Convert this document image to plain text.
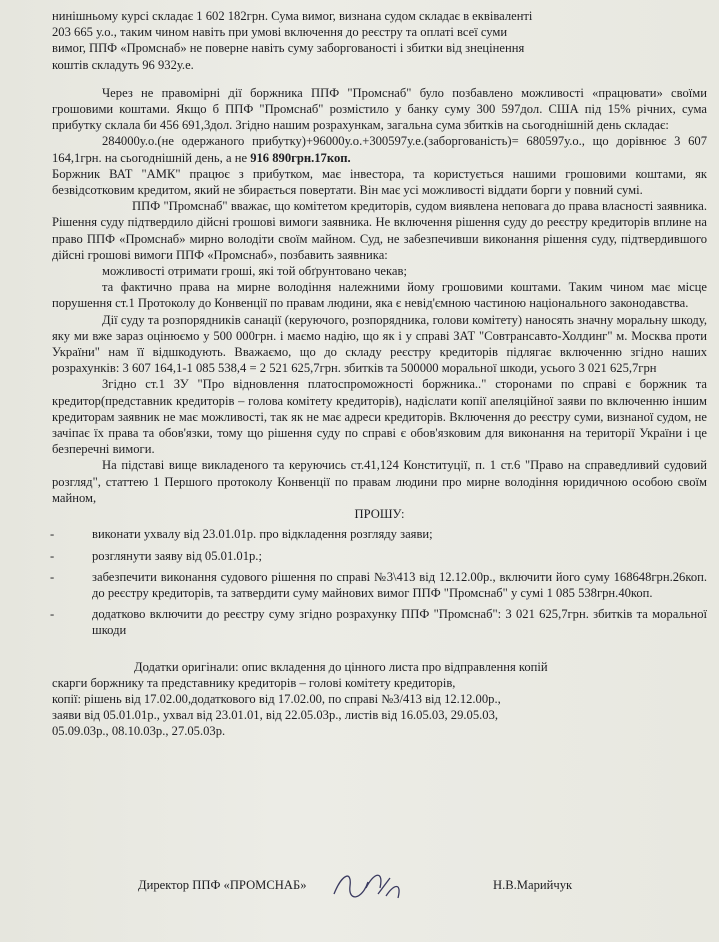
нинішньому курсі складає 1 602 182грн. Сума вимог, визнана судом складає в еквіваленті

203 665 у.о., таким чином навіть при умові включення до реєстру та оплаті всеї суми

вимог, ППФ «Промснаб» не поверне навіть суму заборгованості і збитки від знецінення

коштів складуть 96 932у.е.

Через не правомірні дії боржника ППФ "Промснаб" було позбавлено можливості «працювати» своїми грошовими коштами. Якщо б ППФ "Промснаб" розмістило у банку суму 300 597дол. США під 15% річних, сума прибутку склала би 456 691,3дол. Згідно нашим розрахункам, загальна сума збитків на сьогоднішній день складає:

284000у.о.(не одержаного прибутку)+96000у.о.+300597у.е.(заборгованість)= 680597у.о., що дорівнює 3 607 164,1грн. на сьогоднішній день, а не 916 890грн.17коп.

Боржник ВАТ "АМК" працює з прибутком, має інвестора, та користується нашими грошовими коштами, як безвідсотковим кредитом, який не збирається повертати. Він має усі можливості віддати борги у повний сумі.

ППФ "Промснаб" вважає, що комітетом кредиторів, судом виявлена неповага до права власності заявника. Рішення суду підтвердило дійсні грошові вимоги заявника. Не включення рішення суду до реєстру кредиторів вплине на право ППФ «Промснаб» мирно володіти своїм майном. Суд, не забезпечивши виконання рішення суду, підтвердившого дійсні грошові вимоги ППФ «Промснаб», позбавить заявника:

можливості отримати гроші, які той обґрунтовано чекав;

та фактично права на мирне володіння належними йому грошовими коштами. Таким чином має місце порушення ст.1 Протоколу до Конвенції по правам людини, яка є невід'ємною частиною національного законодавства.

Дії суду та розпорядників санації (керуючого, розпорядника, голови комітету) наносять значну моральну шкоду, яку ми вже зараз оцінюємо у 500 000грн. і маємо надію, що як і у справі ЗАТ "Совтрансавто-Холдинг" м. Москва проти України" нам її відшкодують. Вважаємо, що до складу реєстру кредиторів підлягає включенню згідно наших розрахунків: 3 607 164,1-1 085 538,4 = 2 521 625,7грн. збитків та 500000 моральної шкоди, усього 3 021 625,7грн

Згідно ст.1 ЗУ "Про відновлення платоспроможності боржника.." сторонами по справі є боржник та кредитор(представник кредиторів – голова комітету кредиторів), надіслати копії апеляційної заяви по включенню іншим кредиторам заявник не має можливості, так як не має адреси кредиторів. Включення до реєстру суми, визнаної судом, не зачіпає їх права та обов'язки, тому що рішення суду по справі є обов'язковим для виконання на території України і це безперечні вимоги.

На підставі вище викладеного та керуючись ст.41,124 Конституції, п. 1 ст.6 "Право на справедливий судовий розгляд", статтею 1 Першого протоколу Конвенції по правам людини про мирне володіння юридичною особою своїм майном,

ПРОШУ:

- виконати ухвалу від 23.01.01р. про відкладення розгляду заяви;
- розглянути заяву від 05.01.01р.;
- забезпечити виконання судового рішення по справі №3\413 від 12.12.00р., включити його суму 168648грн.26коп. до реєстру кредиторів, та затвердити суму майнових вимог ППФ "Промснаб" у сумі 1 085 538грн.40коп.
- додатково включити до реєстру суму згідно розрахунку ППФ "Промснаб": 3 021 625,7грн. збитків та моральної шкоди

Додатки оригінали: опис вкладення до цінного листа про відправлення копій

скарги боржнику та представнику кредиторів – голові комітету кредиторів,

копії: рішень від 17.02.00,додаткового від 17.02.00, по справі №3/413 від 12.12.00р.,

заяви від 05.01.01р., ухвал від 23.01.01, від 22.05.03р., листів від 16.05.03, 29.05.03,

05.09.03р., 08.10.03р., 27.05.03р.

Директор ППФ «ПРОМСНАБ»	Н.В.Марийчук
